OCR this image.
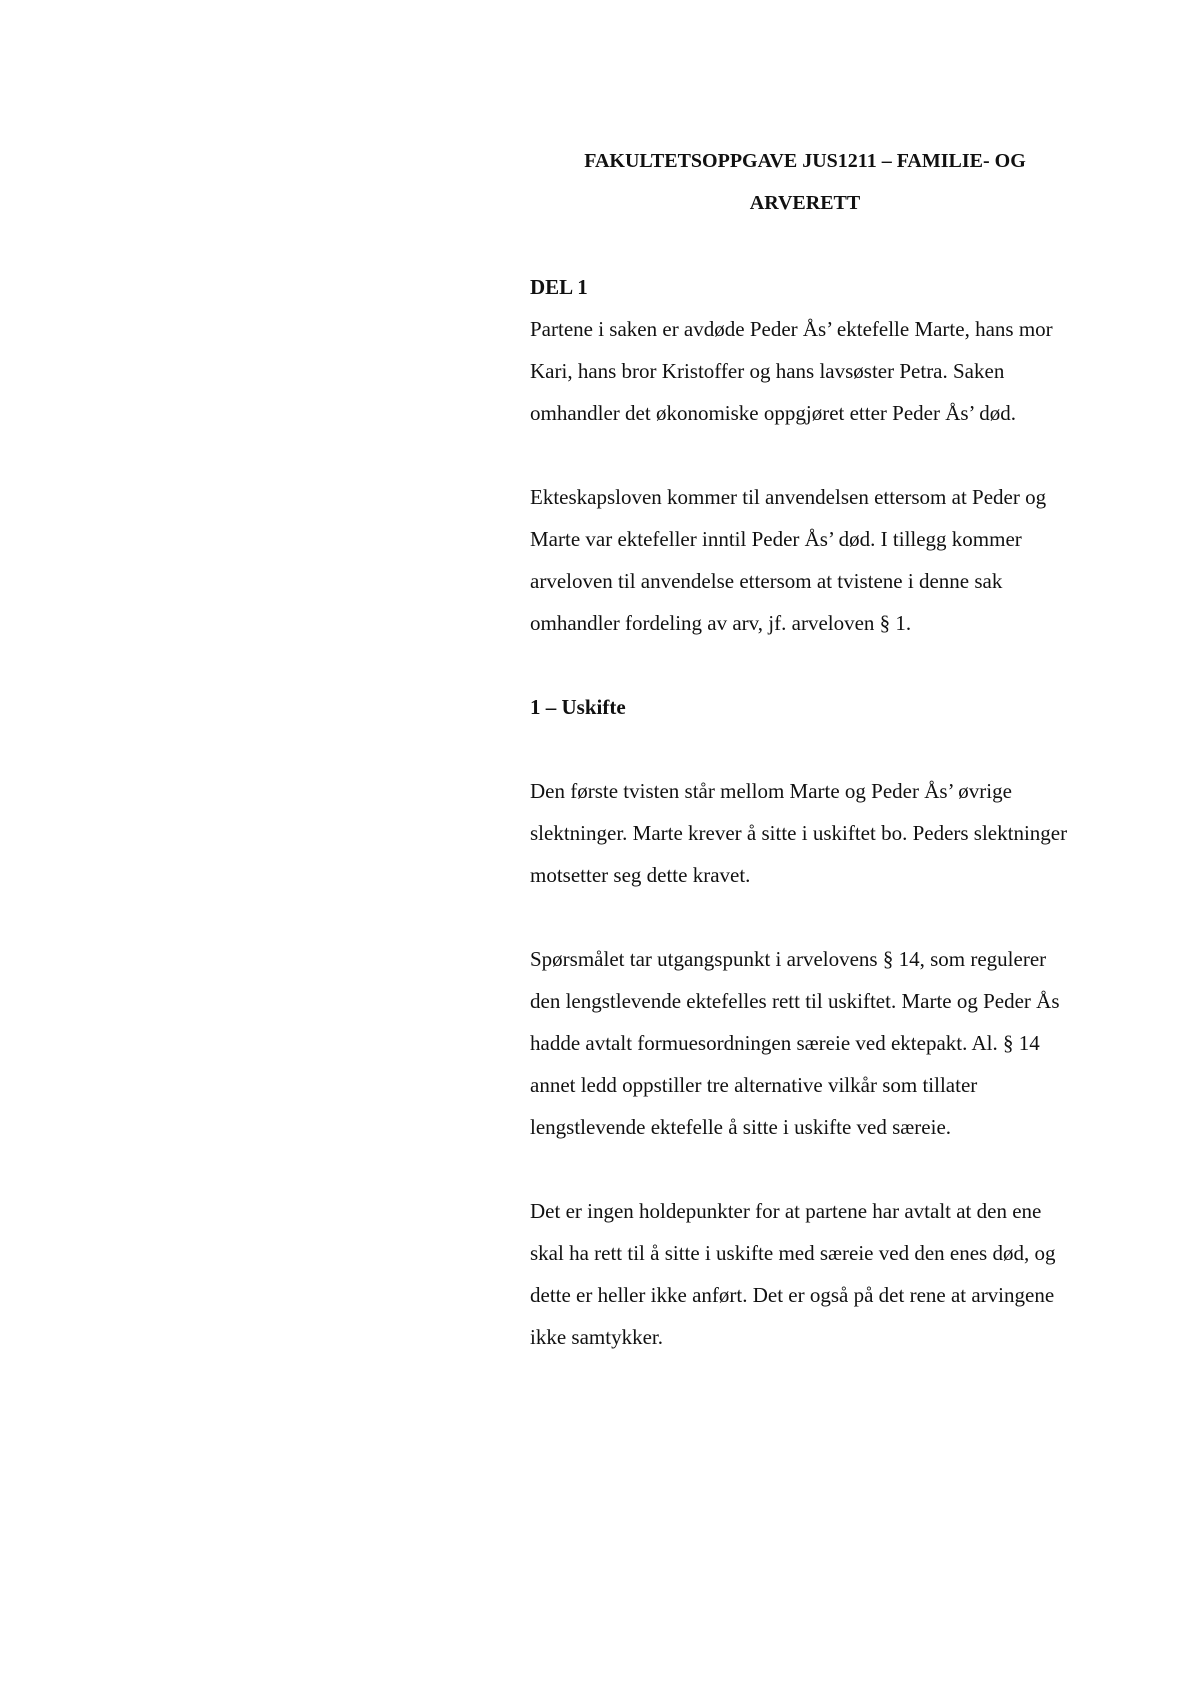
FAKULTETSOPPGAVE JUS1211 – FAMILIE- OG ARVERETT

DEL 1

Partene i saken er avdøde Peder Ås’ ektefelle Marte, hans mor Kari, hans bror Kristoffer og hans lavsøster Petra. Saken omhandler det økonomiske oppgjøret etter Peder Ås’ død.

Ekteskapsloven kommer til anvendelsen ettersom at Peder og Marte var ektefeller inntil Peder Ås’ død. I tillegg kommer arveloven til anvendelse ettersom at tvistene i denne sak omhandler fordeling av arv, jf. arveloven § 1.

1 – Uskifte

Den første tvisten står mellom Marte og Peder Ås’ øvrige slektninger. Marte krever å sitte i uskiftet bo. Peders slektninger motsetter seg dette kravet.

Spørsmålet tar utgangspunkt i arvelovens § 14, som regulerer den lengstlevende ektefelles rett til uskiftet. Marte og Peder Ås hadde avtalt formuesordningen særeie ved ektepakt. Al. § 14 annet ledd oppstiller tre alternative vilkår som tillater lengstlevende ektefelle å sitte i uskifte ved særeie.

Det er ingen holdepunkter for at partene har avtalt at den ene skal ha rett til å sitte i uskifte med særeie ved den enes død, og dette er heller ikke anført. Det er også på det rene at arvingene ikke samtykker.
